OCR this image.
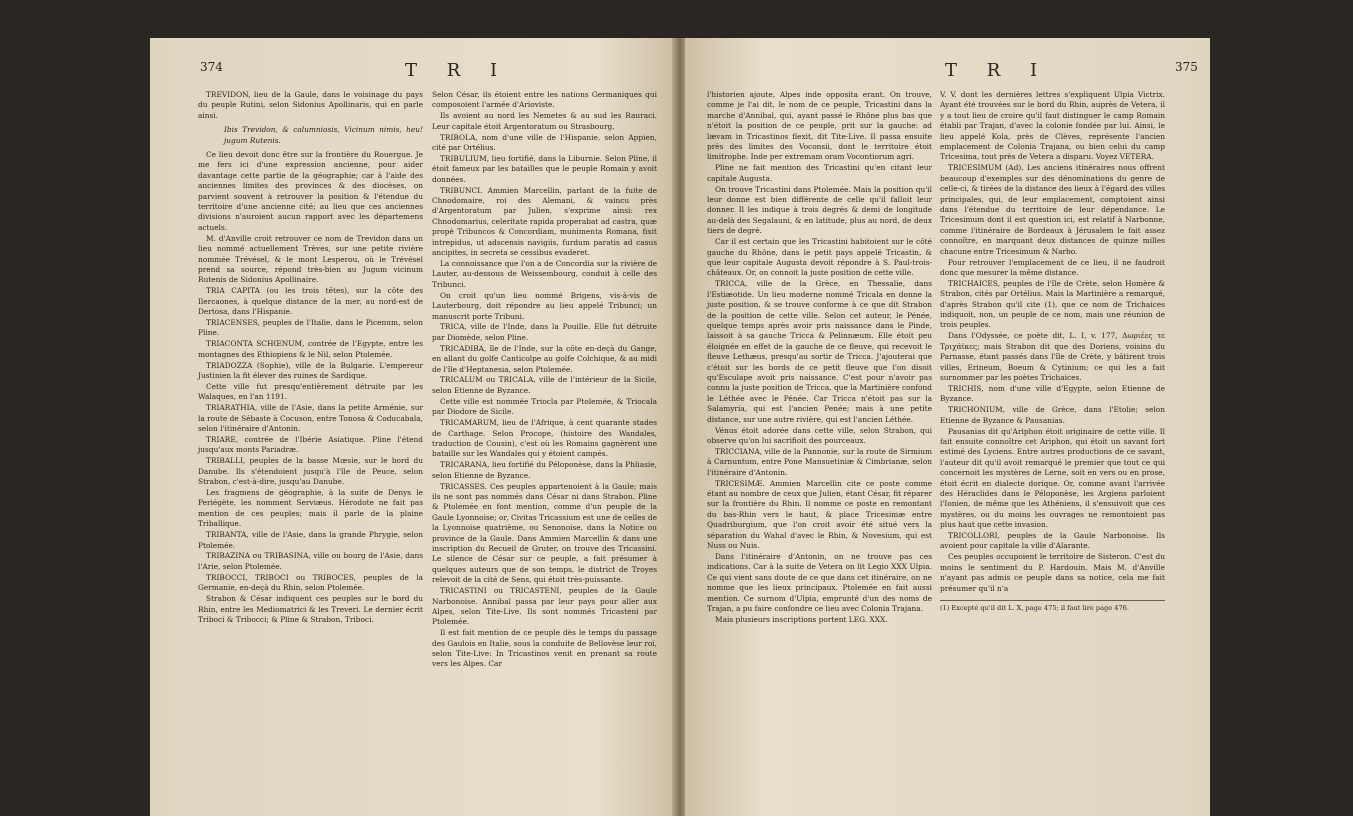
374	T R I

TREVIDON, lieu de la Gaule, dans le voisinage du pays du peuple Rutini, selon Sidonius Apollinaris, qui en parle ainsi.

Ibis Trevidon, & calumniosis, Vicinum nimis, heu! jugum Rutenis.

Ce lieu devoit donc être sur la frontière du Rouergue. Je me fers ici d'une expression ancienne, pour aider davantage cette partie de la géographie; car à l'aide des anciennes limites des provinces & des diocèses, on parvient souvent à retrouver la position & l'étendue du territoire d'une ancienne cité; au lieu que ces anciennes divisions n'auroient aucun rapport avec les départemens actuels.

M. d'Anville croit retrouver ce nom de Trevidon dans un lieu nommé actuellement Trèves, sur une petite rivière nommée Trévésel, & le mont Lesperou, où le Trévésel prend sa source, répond très-bien au Jugum vicinum Rutenis de Sidonius Apollinaire.

TRIA CAPITA (ou les trois têtes), sur la côte des Ilercaones, à quelque distance de la mer, au nord-est de Dertosa, dans l'Hispanie.

TRIACENSES, peuples de l'Italie, dans le Picenum, selon Pline.

TRIACONTA SCHŒNUM, contrée de l'Egypte, entre les montagnes des Ethiopiens & le Nil, selon Ptolemée.

TRIADOZZA (Sophie), ville de la Bulgarie. L'empereur Justinien la fit élever des ruines de Sardique.

Cette ville fut presqu'entièrement détruite par les Walaques, en l'an 1191.

TRIARATHIA, ville de l'Asie, dans la petite Arménie, sur la route de Sébaste à Cocuson, entre Tonosa & Coducabala, selon l'itinéraire d'Antonin.

TRIARE, contrée de l'Ibérie Asiatique. Pline l'étend jusqu'aux monts Pariadræ.

TRIBALLI, peuples de la basse Mœsie, sur le bord du Danube. Ils s'étendoient jusqu'à l'île de Peuce, selon Strabon, c'est-à-dire, jusqu'au Danube.

Les fragmens de géographie, à la suite de Denys le Periégète, les nomment Serviæus. Hérodote ne fait pas mention de ces peuples; mais il parle de la plaine Triballique.

TRIBANTA, ville de l'Asie, dans la grande Phrygie, selon Ptolemée.

TRIBAZINA ou TRIBASINA, ville ou bourg de l'Asie, dans l'Arie, selon Ptolemée.

TRIBOCCI, TRIBOCI ou TRIBOCES, peuples de la Germanie, en-deçà du Rhin, selon Ptolemée.

Strabon & César indiquent ces peuples sur le bord du Rhin, entre les Mediomatrici & les Treveri. Le dernier écrit Triboci & Tribocci; & Pline & Strabon, Triboci.

Selon César, ils étoient entre les nations Germaniques qui composoient l'armée d'Arioviste.

Ils avoient au nord les Nemetes & au sud les Rauraci. Leur capitale étoit Argentoratum ou Strasbourg.

TRIBOLA, nom d'une ville de l'Hispanie, selon Appien, cité par Ortélius.

TRIBULIUM, lieu fortifié, dans la Liburnie. Selon Pline, il étoit fameux par les batailles que le peuple Romain y avoit données.

TRIBUNCI. Ammien Marcellin, parlant de la fuite de Chnodomaire, roi des Alemani, & vaincu près d'Argentoratum par Julien, s'exprime ainsi: rex Chnodomarius, celeritate rapida properabat ad castra, quæ propè Tribuncos & Concordiam, munimenta Romana, fixit intrepidus, ut adscensis navigiis, furdum paratis ad casus ancipites, in secreta se cessibus evaderet.

La connoissance que l'on a de Concordia sur la rivière de Lauter, au-dessous de Weissembourg, conduit à celle des Tribunci.

On croit qu'un lieu nommé Brigens, vis-à-vis de Lauterbourg, doit répondre au lieu appelé Tribunci; un manuscrit porte Tribuni.

TRICA, ville de l'Inde, dans la Pouille. Elle fut détruite par Diomède, selon Pline.

TRICADIBA, île de l'Inde, sur la côte en-deçà du Gange, en allant du golfe Canticolpe au golfe Colchique, & au midi de l'île d'Heptanesia, selon Ptolemée.

TRICALUM ou TRICALA, ville de l'intérieur de la Sicile, selon Etienne de Byzance.

Cette ville est nommée Triocla par Ptolemée, & Triocala par Diodore de Sicile.

TRICAMARUM, lieu de l'Afrique, à cent quarante stades de Carthage. Selon Procope, (histoire des Wandales, traduction de Cousin), c'est où les Romains gagnèrent une bataille sur les Wandales qui y étoient campés.

TRICARANA, lieu fortifié du Péloponèse, dans la Phliasie, selon Etienne de Byzance.

TRICASSES. Ces peuples appartenoient à la Gaule; mais ils ne sont pas nommés dans César ni dans Strabon. Pline & Ptolemée en font mention, comme d'un peuple de la Gaule Lyonnoise; or, Civitas Tricassium est une de celles de la Lyonnoise quatrième, ou Senonoise, dans la Notice ou province de la Gaule. Dans Ammien Marcellin & dans une inscription du Recueil de Gruter, on trouve des Tricassini. Le silence de César sur ce peuple, a fait présumer à quelques auteurs que de son temps, le district de Troyes relevoit de la cité de Sens, qui étoit très-puissante.

TRICASTINI ou TRICASTENI, peuples de la Gaule Narbonoise. Annibal passa par leur pays pour aller aux Alpes, selon Tite-Live. Ils sont nommés Tricasteni par Ptolemée.

Il est fait mention de ce peuple dès le temps du passage des Gaulois en Italie, sous la conduite de Bellovèse leur roi, selon Tite-Live: In Tricastinos venit en prenant sa route vers les Alpes. Car

T R I	375

l'historien ajoute, Alpes inde opposita erant. On trouve, comme je l'ai dit, le nom de ce peuple, Tricastini dans la marche d'Annibal, qui, ayant passé le Rhône plus bas que n'étoit la position de ce peuple, prit sur la gauche: ad lævam in Tricastinos flexit, dit Tite-Live. Il passa ensuite près des limites des Voconsii, dont le territoire étoit limitrophe. Inde per extremam oram Vocontiorum agri.

Pline ne fait mention des Tricastini qu'en citant leur capitale Augusta.

On trouve Tricastini dans Ptolemée. Mais la position qu'il leur donne est bien différente de celle qu'il falloit leur donner. Il les indique à trois degrés & demi de longitude au-delà des Segalauni, & en latitude, plus au nord, de deux tiers de degré.

Car il est certain que les Tricastini habitoient sur le côté gauche du Rhône, dans le petit pays appelé Tricastin, & que leur capitale Augusta devoit répondre à S. Paul-trois-châteaux. Or, on connoit la juste position de cette ville.

TRICCA, ville de la Grèce, en Thessalie, dans l'Estiæotide. Un lieu moderne nommé Tricala en donne la juste position, & se trouve conforme à ce que dit Strabon de la position de cette ville. Selon cet auteur, le Pénée, quelque temps après avoir pris naissance dans le Pinde, laissoit à sa gauche Tricca & Pelinnæum. Elle étoit peu éloignée en effet de la gauche de ce fleuve, qui recevoit le fleuve Lethæus, presqu'au sortir de Tricca. J'ajouterai que c'étoit sur les bords de ce petit fleuve que l'on disoit qu'Esculape avoit pris naissance. C'est pour n'avoir pas connu la juste position de Tricca, que la Martinière confond le Léthée avec le Pénée. Car Tricca n'étoit pas sur la Salamyria, qui est l'ancien Penée; mais à une petite distance, sur une autre rivière, qui est l'ancien Léthée.

Vénus étoit adorée dans cette ville, selon Strabon, qui observe qu'on lui sacrifioit des pourceaux.

TRICCIANA, ville de la Pannonie, sur la route de Sirmium à Carnuntum, entre Pone Mansuetiniæ & Cimbrianæ, selon l'itinéraire d'Antonin.

TRICESIMÆ. Ammien Marcellin cite ce poste comme étant au nombre de ceux que Julien, étant César, fit réparer sur la frontière du Rhin. Il nomme ce poste en remontant du bas-Rhin vers le haut, & place Tricesimæ entre Quadriburgium, que l'on croit avoir été situé vers la séparation du Wahal d'avec le Rhin, & Novesium, qui est Nuss ou Nuis.

Dans l'itinéraire d'Antonin, on ne trouve pas ces indications. Car à la suite de Vetera on lit Legio XXX Ulpia. Ce qui vient sans doute de ce que dans cet itinéraire, on ne nomme que les lieux principaux. Ptolemée en fait aussi mention. Ce surnom d'Ulpia, emprunté d'un des noms de Trajan, a pu faire confondre ce lieu avec Colonia Trajana.

Mais plusieurs inscriptions portent LEG. XXX.

V. V. dont les dernières lettres s'expliquent Ulpia Victrix. Ayant été trouvées sur le bord du Rhin, auprès de Vetera, il y a tout lieu de croire qu'il faut distinguer le camp Romain établi par Trajan, d'avec la colonie fondée par lui. Ainsi, le lieu appelé Kola, près de Clèves, représente l'ancien emplacement de Colonia Trajana, ou bien celui du camp Tricesima, tout près de Vetera a disparu. Voyez VETERA.

TRICESIMUM (Ad). Les anciens itinéraires nous offrent beaucoup d'exemples sur des dénominations du genre de celle-ci, & tirées de la distance des lieux à l'égard des villes principales, qui, de leur emplacement, comptoient ainsi dans l'étendue du territoire de leur dépendance. Le Tricesimum dont il est question ici, est relatif à Narbonne, comme l'itinéraire de Bordeaux à Jérusalem le fait assez connoître, en marquant deux distances de quinze milles chacune entre Tricesimum & Narbo.

Pour retrouver l'emplacement de ce lieu, il ne faudroit donc que mesurer la même distance.

TRICHAICES, peuples de l'île de Crète, selon Homère & Strabon, cités par Ortélius. Mais la Martinière a remarqué, d'après Strabon qu'il cite (1), que ce nom de Trichaices indiquoit, non, un peuple de ce nom, mais une réunion de trois peuples.

Dans l'Odyssée, ce poète dit, L. I, v. 177, Δωριέες τε Τριχάϊκες; mais Strabon dit que des Doriens, voisins du Parnasse, étant passés dans l'île de Crète, y bâtirent trois villes, Erineum, Boeum & Cytinium; ce qui les a fait surnommer par les poètes Trichaices.

TRICHIS, nom d'une ville d'Egypte, selon Etienne de Byzance.

TRICHONIUM, ville de Grèce, dans l'Etolie; selon Etienne de Byzance & Pausanias.

Pausanias dit qu'Ariphon étoit originaire de cette ville. Il fait ensuite connoître cet Ariphon, qui étoit un savant fort estimé des Lyciens. Entre autres productions de ce savant, l'auteur dit qu'il avoit remarqué le premier que tout ce qui concernoit les mystères de Lerne, soit en vers ou en prose, étoit écrit en dialecte dorique. Or, comme avant l'arrivée des Héraclides dans le Péloponèse, les Argiens parloient l'Ionien, de même que les Athéniens, il s'ensuivoit que ces mystères, ou du moins les ouvrages ne remontoient pas plus haut que cette invasion.

TRICOLLORI, peuples de la Gaule Narbonoise. Ils avoient pour capitale la ville d'Alarante.

Ces peuples occupoient le territoire de Sisteron. C'est du moins le sentiment du P. Hardouin. Mais M. d'Anville n'ayant pas admis ce peuple dans sa notice, cela me fait présumer qu'il n'a

(1) Excepté qu'il dit L. X, page 475; il faut lire page 476.
